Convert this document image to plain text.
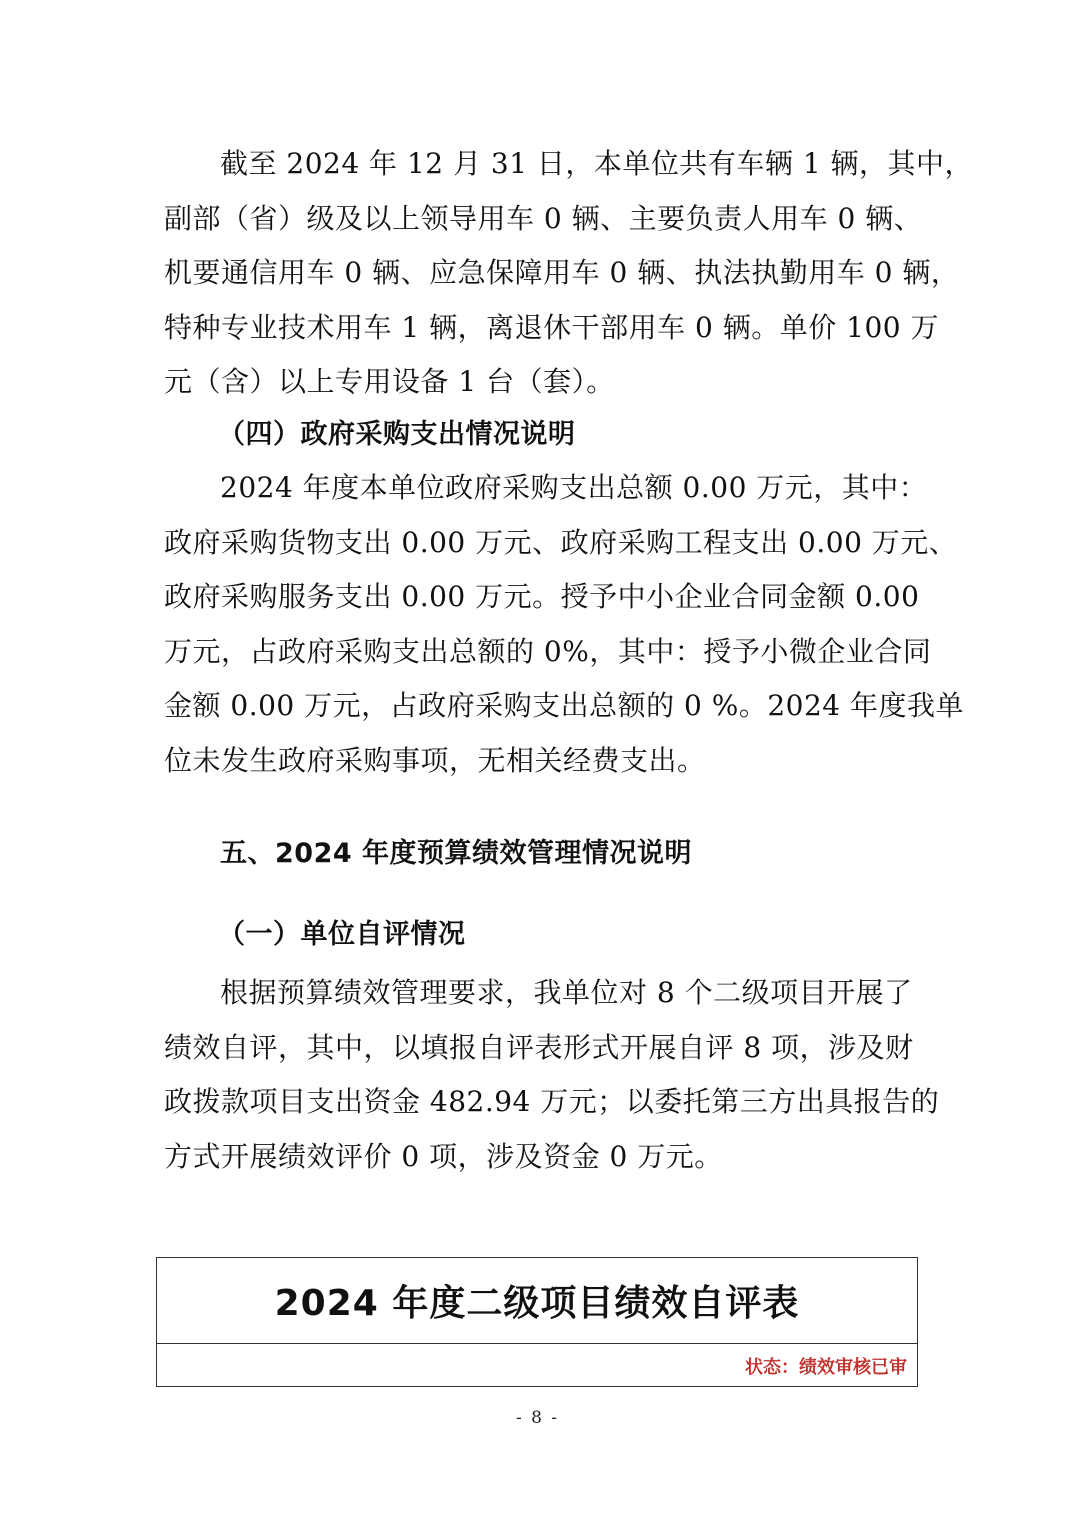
截至 2024 年 12 月 31 日，本单位共有车辆 1 辆，其中，
副部（省）级及以上领导用车 0 辆、主要负责人用车 0 辆、
机要通信用车 0 辆、应急保障用车 0 辆、执法执勤用车 0 辆，
特种专业技术用车 1 辆，离退休干部用车 0 辆。单价 100 万
元（含）以上专用设备 1 台（套）。
（四）政府采购支出情况说明
2024 年度本单位政府采购支出总额 0.00 万元，其中：
政府采购货物支出 0.00 万元、政府采购工程支出 0.00 万元、
政府采购服务支出 0.00 万元。授予中小企业合同金额 0.00
万元，占政府采购支出总额的 0%，其中：授予小微企业合同
金额 0.00 万元，占政府采购支出总额的 0 %。2024 年度我单
位未发生政府采购事项，无相关经费支出。
五、2024 年度预算绩效管理情况说明
（一）单位自评情况
根据预算绩效管理要求，我单位对 8 个二级项目开展了
绩效自评，其中，以填报自评表形式开展自评 8 项，涉及财
政拨款项目支出资金 482.94 万元；以委托第三方出具报告的
方式开展绩效评价 0 项，涉及资金 0 万元。
2024 年度二级项目绩效自评表
状态：绩效审核已审
- 8 -
